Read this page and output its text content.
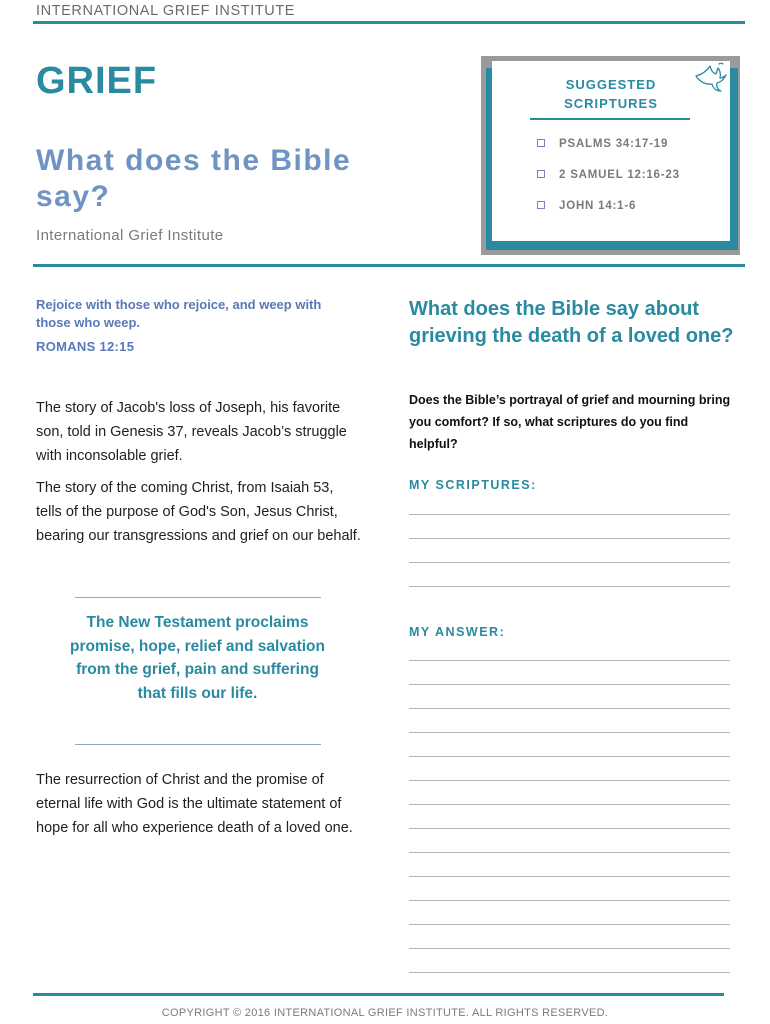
INTERNATIONAL GRIEF INSTITUTE
GRIEF
What does the Bible say?
International Grief Institute
SUGGESTED SCRIPTURES
PSALMS 34:17-19
2 SAMUEL 12:16-23
JOHN 14:1-6
Rejoice with those who rejoice, and weep with those who weep.
ROMANS 12:15
The story of Jacob's loss of Joseph, his favorite son, told in Genesis 37, reveals Jacob’s struggle with inconsolable grief.
The story of the coming Christ, from Isaiah 53, tells of the purpose of God's Son, Jesus Christ, bearing our transgressions and grief on our behalf.
The New Testament proclaims promise, hope, relief and salvation from the grief, pain and suffering that fills our life.
The resurrection of Christ and the promise of eternal life with God is the ultimate statement of hope for all who experience death of a loved one.
What does the Bible say about grieving the death of a loved one?
Does the Bible’s portrayal of grief and mourning bring you comfort? If so, what scriptures do you find helpful?
MY SCRIPTURES:
MY ANSWER:
COPYRIGHT © 2016 INTERNATIONAL GRIEF INSTITUTE. ALL RIGHTS RESERVED.
